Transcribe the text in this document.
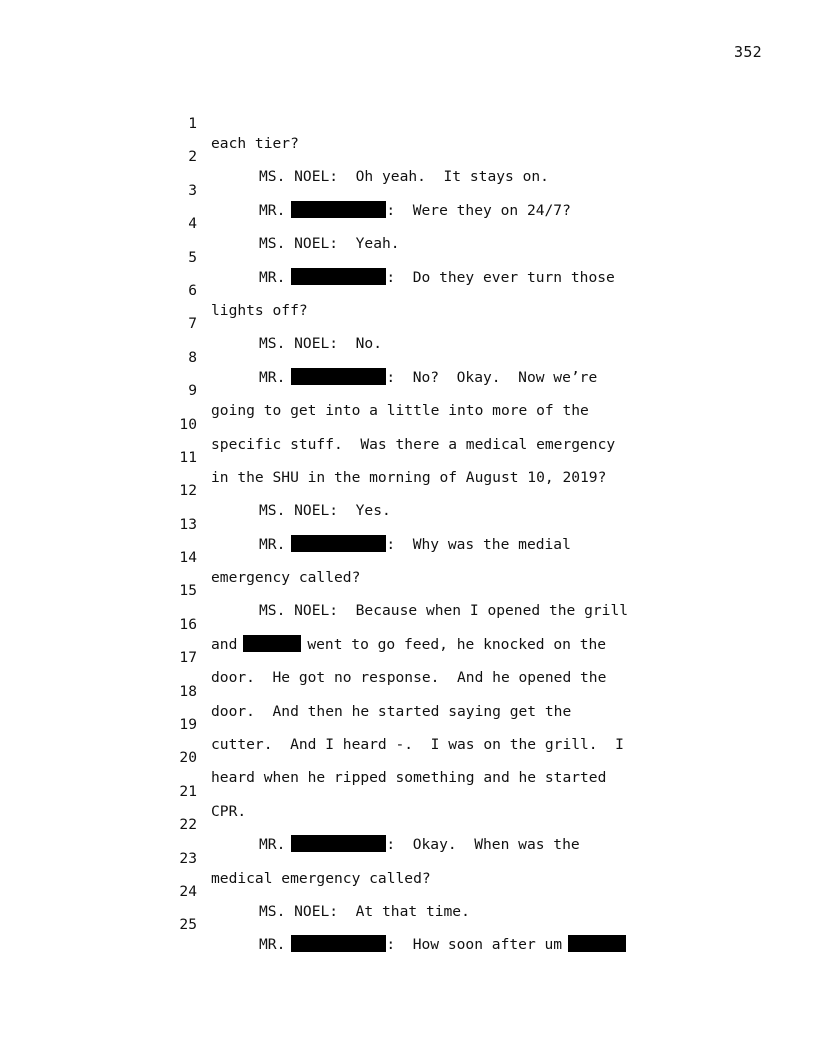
352

1

each tier?

2

MS. NOEL:  Oh yeah.  It stays on.

3

MR.	:  Were they on 24/7?

4

MS. NOEL:  Yeah.

5

MR.	:  Do they ever turn those

6

lights off?

7

MS. NOEL:  No.

8

MR.	:  No?  Okay.  Now we’re

9

going to get into a little into more of the

10

specific stuff.  Was there a medical emergency

11

in the SHU in the morning of August 10, 2019?

12

MS. NOEL:  Yes.

13

MR.	:  Why was the medial

14

emergency called?

15

MS. NOEL:  Because when I opened the grill

16

and	went to go feed, he knocked on the

17

door.  He got no response.  And he opened the

18

door.  And then he started saying get the

19

cutter.  And I heard -.  I was on the grill.  I

20

heard when he ripped something and he started

21

CPR.

22

MR.	:  Okay.  When was the

23

medical emergency called?

24

MS. NOEL:  At that time.

25

MR.	:  How soon after um
